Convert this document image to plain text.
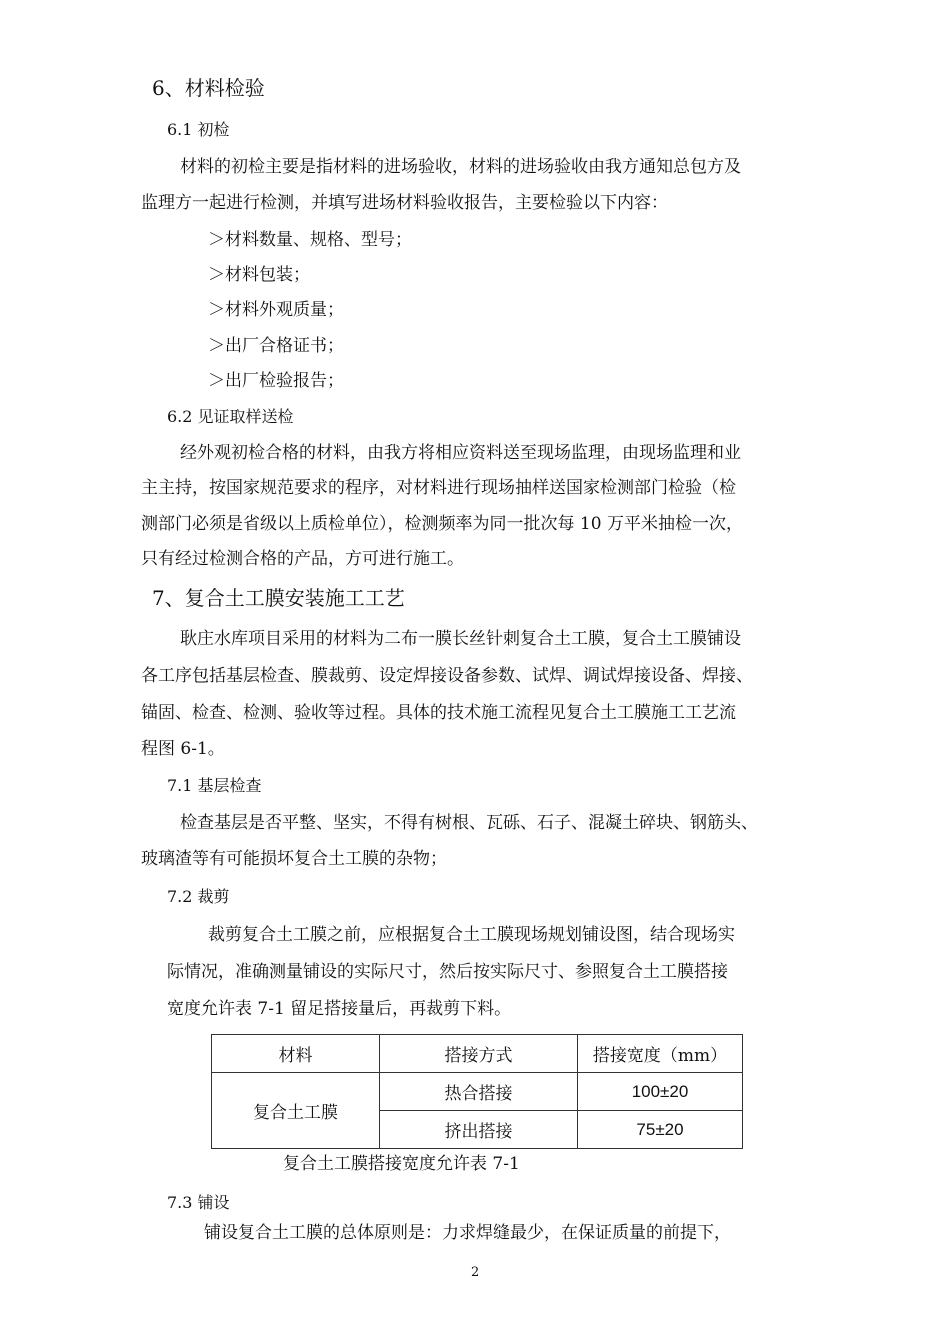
6、材料检验
6.1 初检
材料的初检主要是指材料的进场验收，材料的进场验收由我方通知总包方及
监理方一起进行检测，并填写进场材料验收报告，主要检验以下内容：
＞材料数量、规格、型号；
＞材料包装；
＞材料外观质量；
＞出厂合格证书；
＞出厂检验报告；
6.2 见证取样送检
经外观初检合格的材料，由我方将相应资料送至现场监理，由现场监理和业
主主持，按国家规范要求的程序，对材料进行现场抽样送国家检测部门检验（检
测部门必须是省级以上质检单位），检测频率为同一批次每 10 万平米抽检一次，
只有经过检测合格的产品，方可进行施工。
7、复合土工膜安装施工工艺
耿庄水库项目采用的材料为二布一膜长丝针刺复合土工膜，复合土工膜铺设
各工序包括基层检查、膜裁剪、设定焊接设备参数、试焊、调试焊接设备、焊接、
锚固、检查、检测、验收等过程。具体的技术施工流程见复合土工膜施工工艺流
程图 6-1。
7.1 基层检查
检查基层是否平整、坚实，不得有树根、瓦砾、石子、混凝土碎块、钢筋头、
玻璃渣等有可能损坏复合土工膜的杂物；
7.2 裁剪
裁剪复合土工膜之前，应根据复合土工膜现场规划铺设图，结合现场实
际情况，准确测量铺设的实际尺寸，然后按实际尺寸、参照复合土工膜搭接
宽度允许表 7-1 留足搭接量后，再裁剪下料。
材料	搭接方式	搭接宽度（mm）
复合土工膜	热合搭接	100±20
	挤出搭接	75±20
复合土工膜搭接宽度允许表 7-1
7.3 铺设
铺设复合土工膜的总体原则是：力求焊缝最少，在保证质量的前提下，
2
